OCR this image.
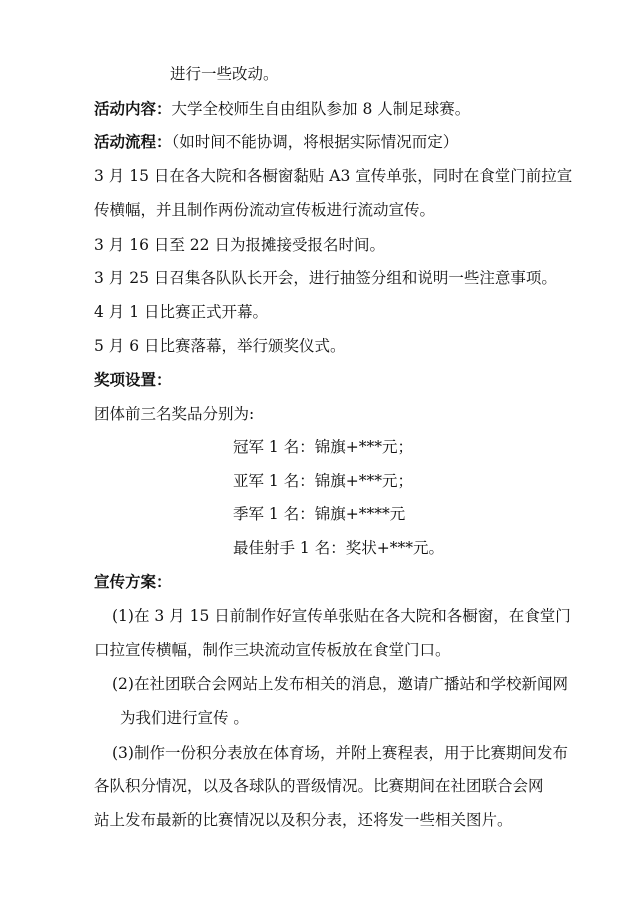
进行一些改动。
活动内容：大学全校师生自由组队参加 8 人制足球赛。
活动流程：（如时间不能协调，将根据实际情况而定）
3 月 15 日在各大院和各橱窗黏贴 A3 宣传单张，同时在食堂门前拉宣
传横幅，并且制作两份流动宣传板进行流动宣传。
3 月 16 日至 22 日为报摊接受报名时间。
3 月 25 日召集各队队长开会，进行抽签分组和说明一些注意事项。
4 月 1 日比赛正式开幕。
5 月 6 日比赛落幕，举行颁奖仪式。
奖项设置：
团体前三名奖品分别为:
冠军 1 名：锦旗+***元；
亚军 1 名：锦旗+***元；
季军 1 名：锦旗+****元
最佳射手 1 名：奖状+***元。
宣传方案：
(1)在 3 月 15 日前制作好宣传单张贴在各大院和各橱窗，在食堂门
口拉宣传横幅，制作三块流动宣传板放在食堂门口。
(2)在社团联合会网站上发布相关的消息，邀请广播站和学校新闻网
为我们进行宣传 。
(3)制作一份积分表放在体育场，并附上赛程表，用于比赛期间发布
各队积分情况，以及各球队的晋级情况。比赛期间在社团联合会网
站上发布最新的比赛情况以及积分表，还将发一些相关图片。
